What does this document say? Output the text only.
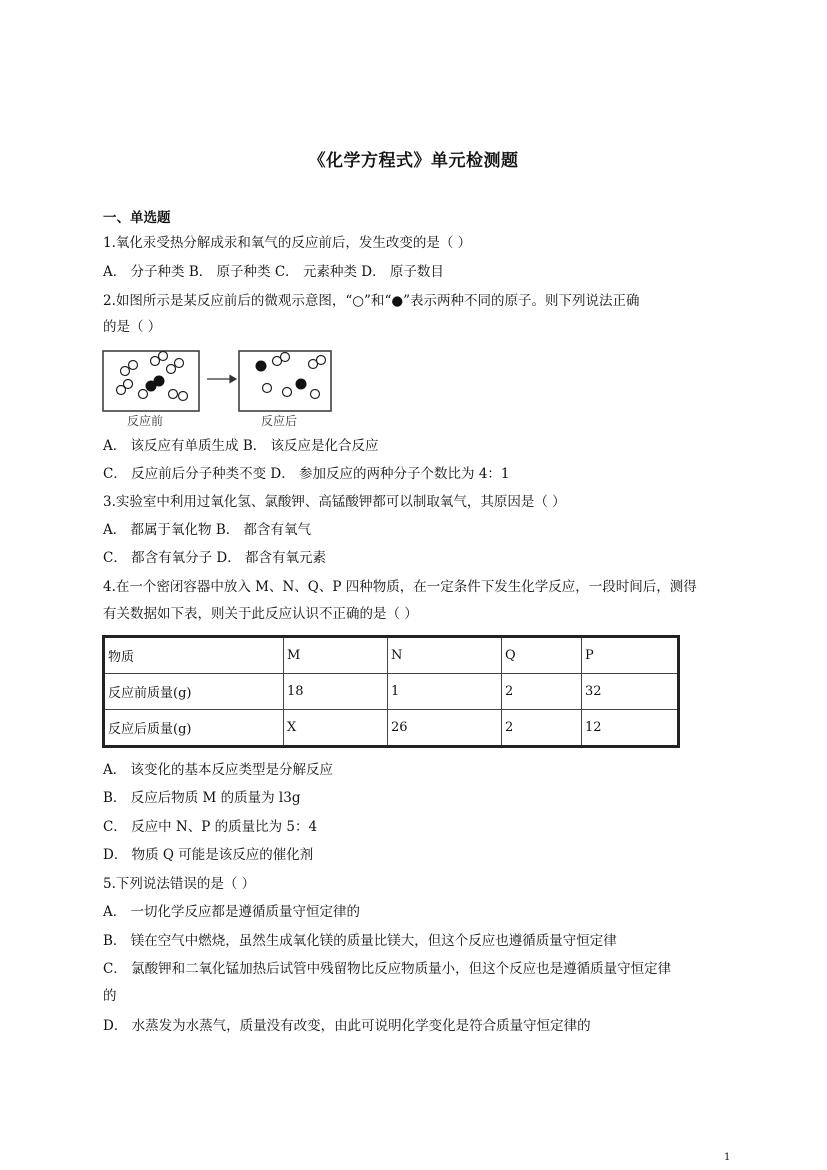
《化学方程式》单元检测题
一、单选题
1.氧化汞受热分解成汞和氧气的反应前后，发生改变的是（ ）
A． 分子种类 B． 原子种类 C． 元素种类 D． 原子数目
2.如图所示是某反应前后的微观示意图，“○”和“●”表示两种不同的原子。则下列说法正确
的是（ ）
反应前	反应后
A． 该反应有单质生成 B． 该反应是化合反应
C． 反应前后分子种类不变 D． 参加反应的两种分子个数比为 4：1
3.实验室中利用过氧化氢、氯酸钾、高锰酸钾都可以制取氧气，其原因是（ ）
A． 都属于氧化物 B． 都含有氧气
C． 都含有氧分子 D． 都含有氧元素
4.在一个密闭容器中放入 M、N、Q、P 四种物质，在一定条件下发生化学反应，一段时间后，测得
有关数据如下表，则关于此反应认识不正确的是（ ）
物质	M	N	Q	P
反应前质量(g)	18	1	2	32
反应后质量(g)	X	26	2	12
A． 该变化的基本反应类型是分解反应
B． 反应后物质 M 的质量为 l3g
C． 反应中 N、P 的质量比为 5：4
D． 物质 Q 可能是该反应的催化剂
5.下列说法错误的是（ ）
A． 一切化学反应都是遵循质量守恒定律的
B． 镁在空气中燃烧，虽然生成氧化镁的质量比镁大，但这个反应也遵循质量守恒定律
C． 氯酸钾和二氧化锰加热后试管中残留物比反应物质量小，但这个反应也是遵循质量守恒定律
的
D． 水蒸发为水蒸气，质量没有改变，由此可说明化学变化是符合质量守恒定律的
1
